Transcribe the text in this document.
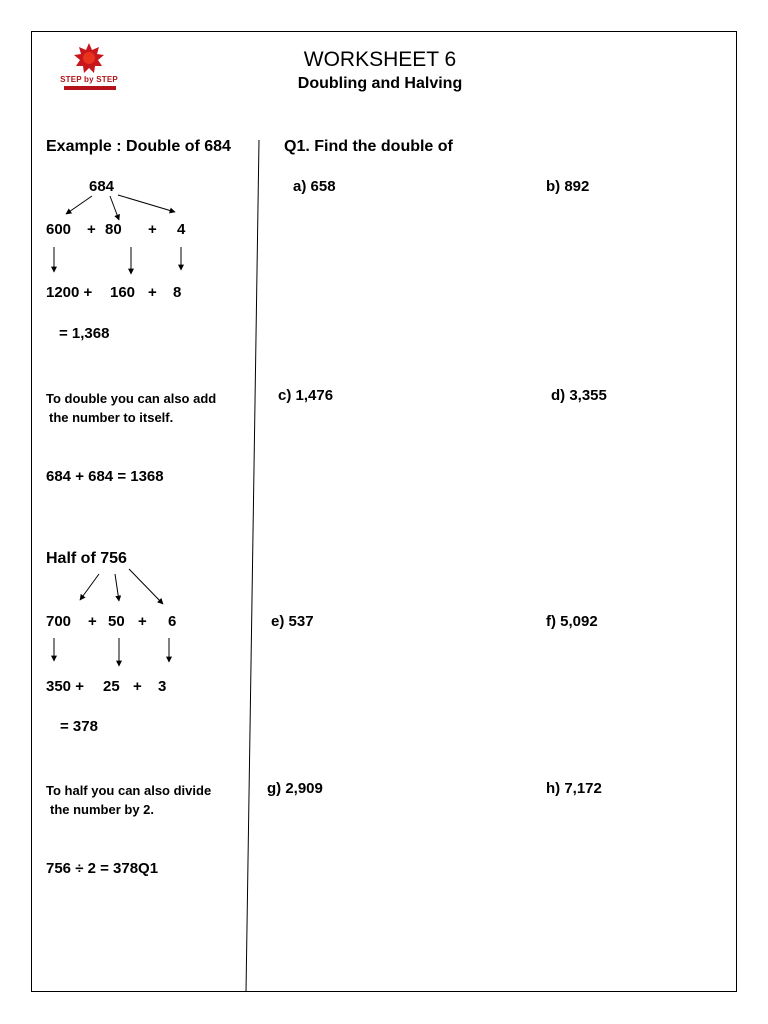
STEP by STEP
WORKSHEET 6
Doubling and Halving
Example : Double of 684
684
600 + 80 + 4
1200 + 160 + 8
= 1,368
To double you can also add
the number to itself.
684 + 684 = 1368
Half of 756
700 + 50 + 6
350 + 25 + 3
= 378
To half you can also divide
the number by 2.
756 ÷ 2 = 378Q1
Q1. Find the double of
a) 658	b) 892
c) 1,476	d) 3,355
e) 537	f) 5,092
g) 2,909	h) 7,172
